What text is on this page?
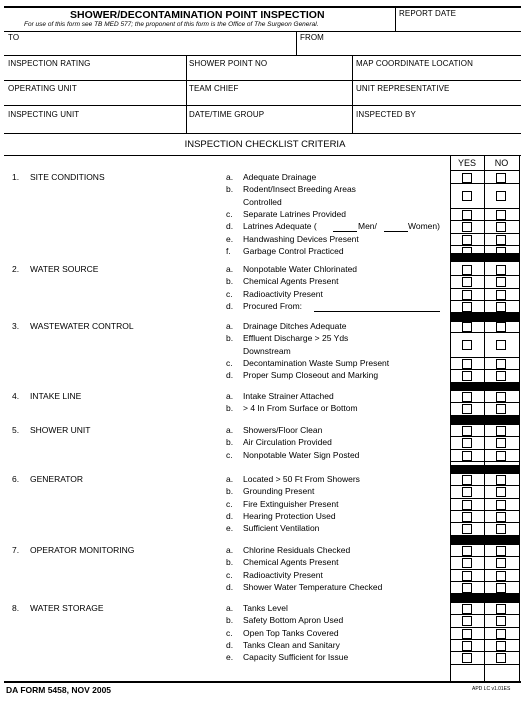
SHOWER/DECONTAMINATION POINT INSPECTION
For use of this form see TB MED 577; the proponent of this form is the Office of The Surgeon General.
REPORT DATE
TO	FROM
INSPECTION RATING	SHOWER POINT NO	MAP COORDINATE LOCATION
OPERATING UNIT	TEAM CHIEF	UNIT REPRESENTATIVE
INSPECTING UNIT	DATE/TIME GROUP	INSPECTED BY
INSPECTION CHECKLIST CRITERIA
YES	NO
1. SITE CONDITIONS	a. Adequate Drainage
b. Rodent/Insect Breeding Areas
Controlled
c. Separate Latrines Provided
d. Latrines Adequate (	Men/	Women)
e. Handwashing Devices Present
f. Garbage Control Practiced
2. WATER SOURCE	a. Nonpotable Water Chlorinated
b. Chemical Agents Present
c. Radioactivity Present
d. Procured From:
3. WASTEWATER CONTROL	a. Drainage Ditches Adequate
b. Effluent Discharge > 25 Yds
Downstream
c. Decontamination Waste Sump Present
d. Proper Sump Closeout and Marking
4. INTAKE LINE	a. Intake Strainer Attached
b. > 4 In From Surface or Bottom
5. SHOWER UNIT	a. Showers/Floor Clean
b. Air Circulation Provided
c. Nonpotable Water Sign Posted
6. GENERATOR	a. Located > 50 Ft From Showers
b. Grounding Present
c. Fire Extinguisher Present
d. Hearing Protection Used
e. Sufficient Ventilation
7. OPERATOR MONITORING	a. Chlorine Residuals Checked
b. Chemical Agents Present
c. Radioactivity Present
d. Shower Water Temperature Checked
8. WATER STORAGE	a. Tanks Level
b. Safety Bottom Apron Used
c. Open Top Tanks Covered
d. Tanks Clean and Sanitary
e. Capacity Sufficient for Issue
DA FORM 5458, NOV 2005	APD LC v1.01ES
